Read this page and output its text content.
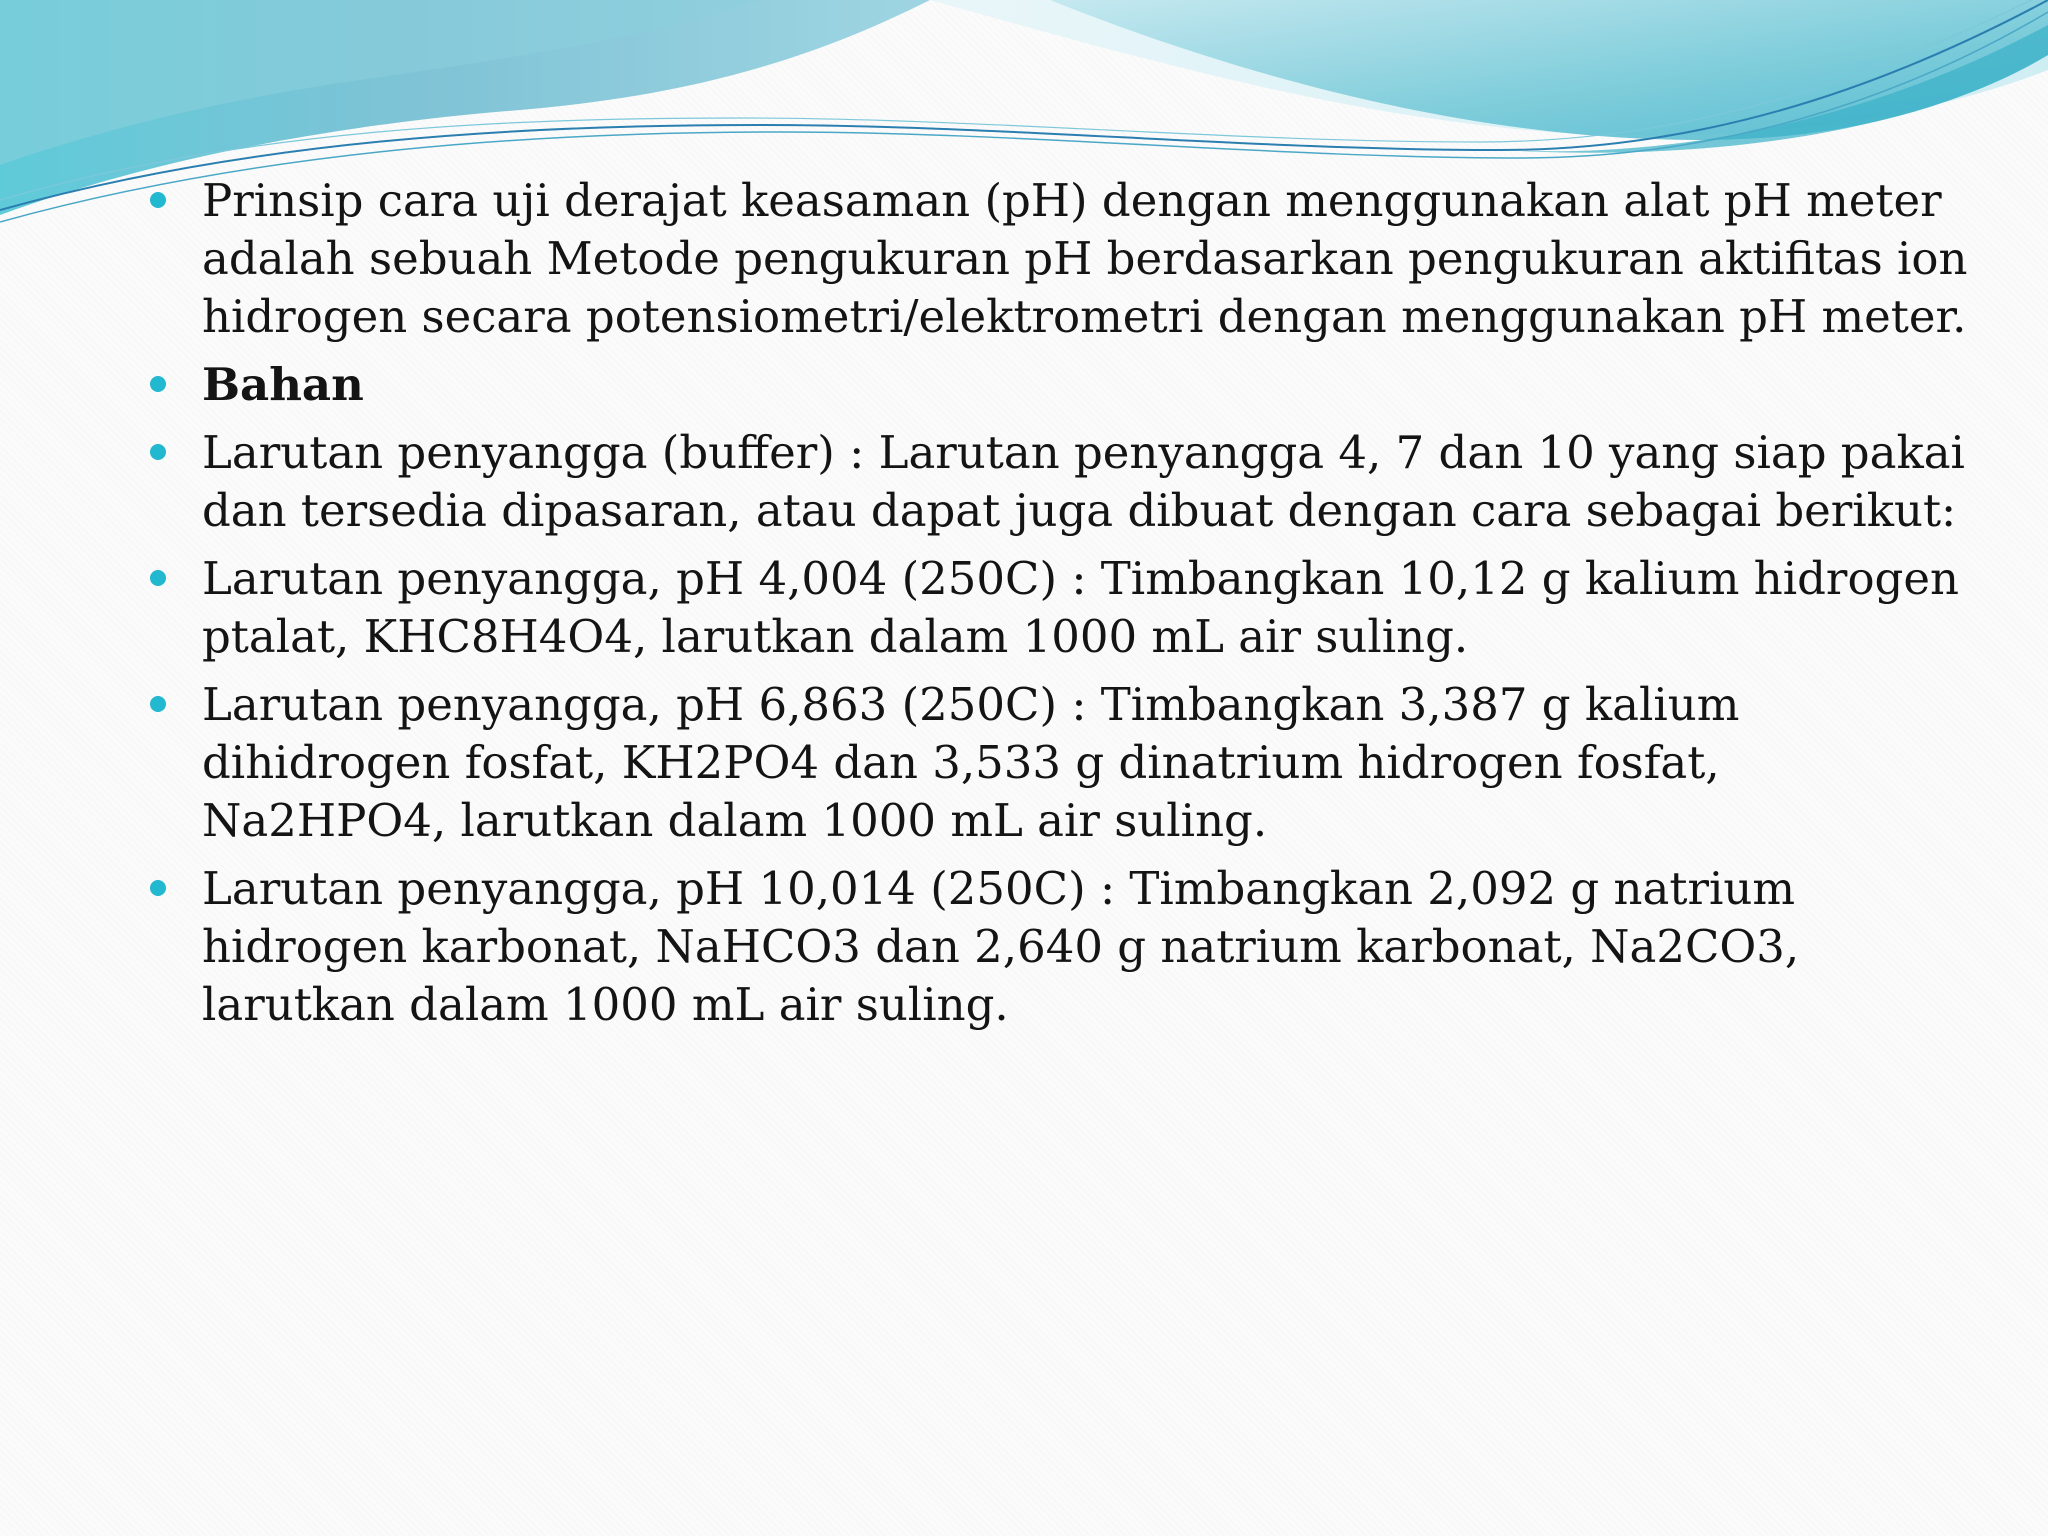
Prinsip cara uji derajat keasaman (pH) dengan menggunakan alat pH meter adalah sebuah Metode pengukuran pH berdasarkan pengukuran aktifitas ion hidrogen secara potensiometri/elektrometri dengan menggunakan pH meter.
Bahan
Larutan penyangga (buffer) : Larutan penyangga 4, 7 dan 10 yang siap pakai dan tersedia dipasaran, atau dapat juga dibuat dengan cara sebagai berikut:
Larutan penyangga, pH 4,004 (250C) : Timbangkan 10,12 g kalium hidrogen ptalat, KHC8H4O4, larutkan dalam 1000 mL air suling.
Larutan penyangga, pH 6,863 (250C) : Timbangkan 3,387 g kalium dihidrogen fosfat, KH2PO4 dan 3,533 g dinatrium hidrogen fosfat, Na2HPO4, larutkan dalam 1000 mL air suling.
Larutan penyangga, pH 10,014 (250C) : Timbangkan 2,092 g natrium hidrogen karbonat, NaHCO3 dan 2,640 g natrium karbonat, Na2CO3, larutkan dalam 1000 mL air suling.
